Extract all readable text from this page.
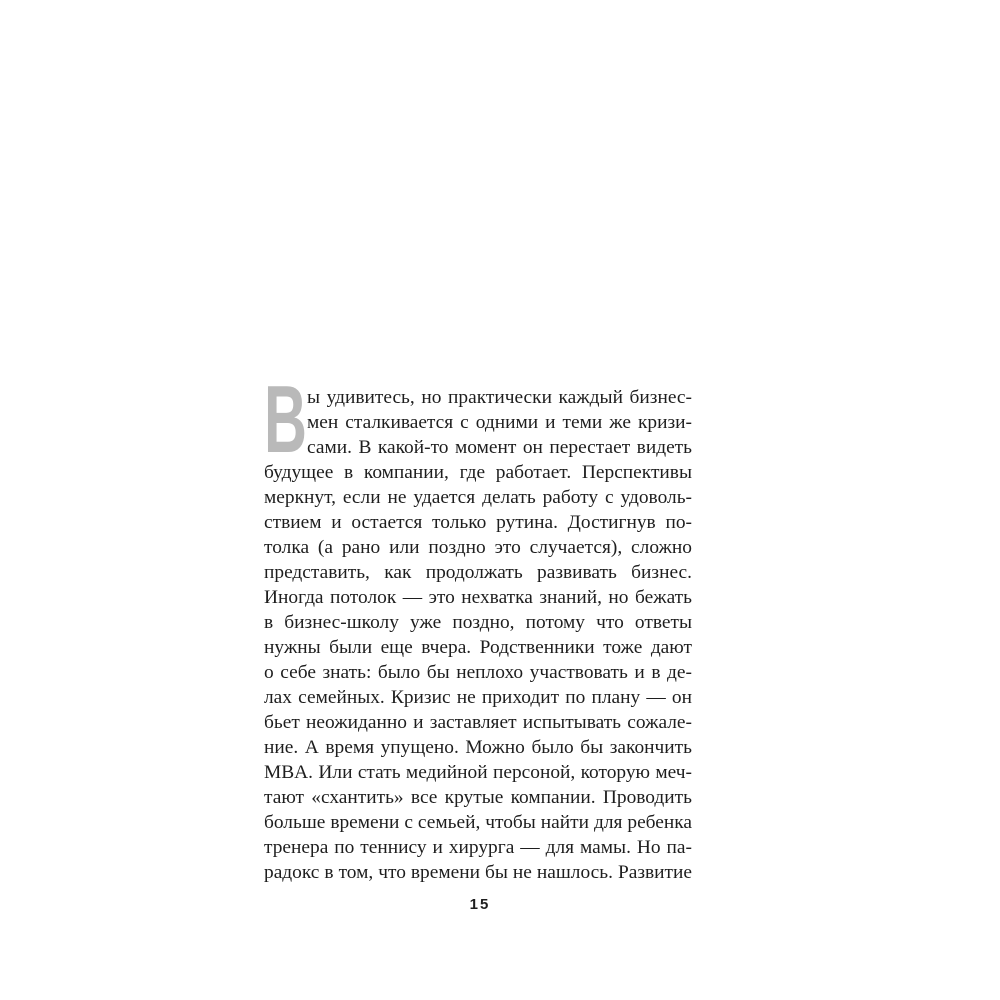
В ы удивитесь, но практически каждый бизнес-
мен сталкивается с одними и теми же кризи-
сами. В какой-то момент он перестает видеть
будущее в компании, где работает. Перспективы
меркнут, если не удается делать работу с удоволь-
ствием и остается только рутина. Достигнув по-
толка (а рано или поздно это случается), сложно
представить, как продолжать развивать бизнес.
Иногда потолок — это нехватка знаний, но бежать
в бизнес-школу уже поздно, потому что ответы
нужны были еще вчера. Родственники тоже дают
о себе знать: было бы неплохо участвовать и в де-
лах семейных. Кризис не приходит по плану — он
бьет неожиданно и заставляет испытывать сожале-
ние. А время упущено. Можно было бы закончить
MBA. Или стать медийной персоной, которую меч-
тают «схантить» все крутые компании. Проводить
больше времени с семьей, чтобы найти для ребенка
тренера по теннису и хирурга — для мамы. Но па-
радокс в том, что времени бы не нашлось. Развитие
15
